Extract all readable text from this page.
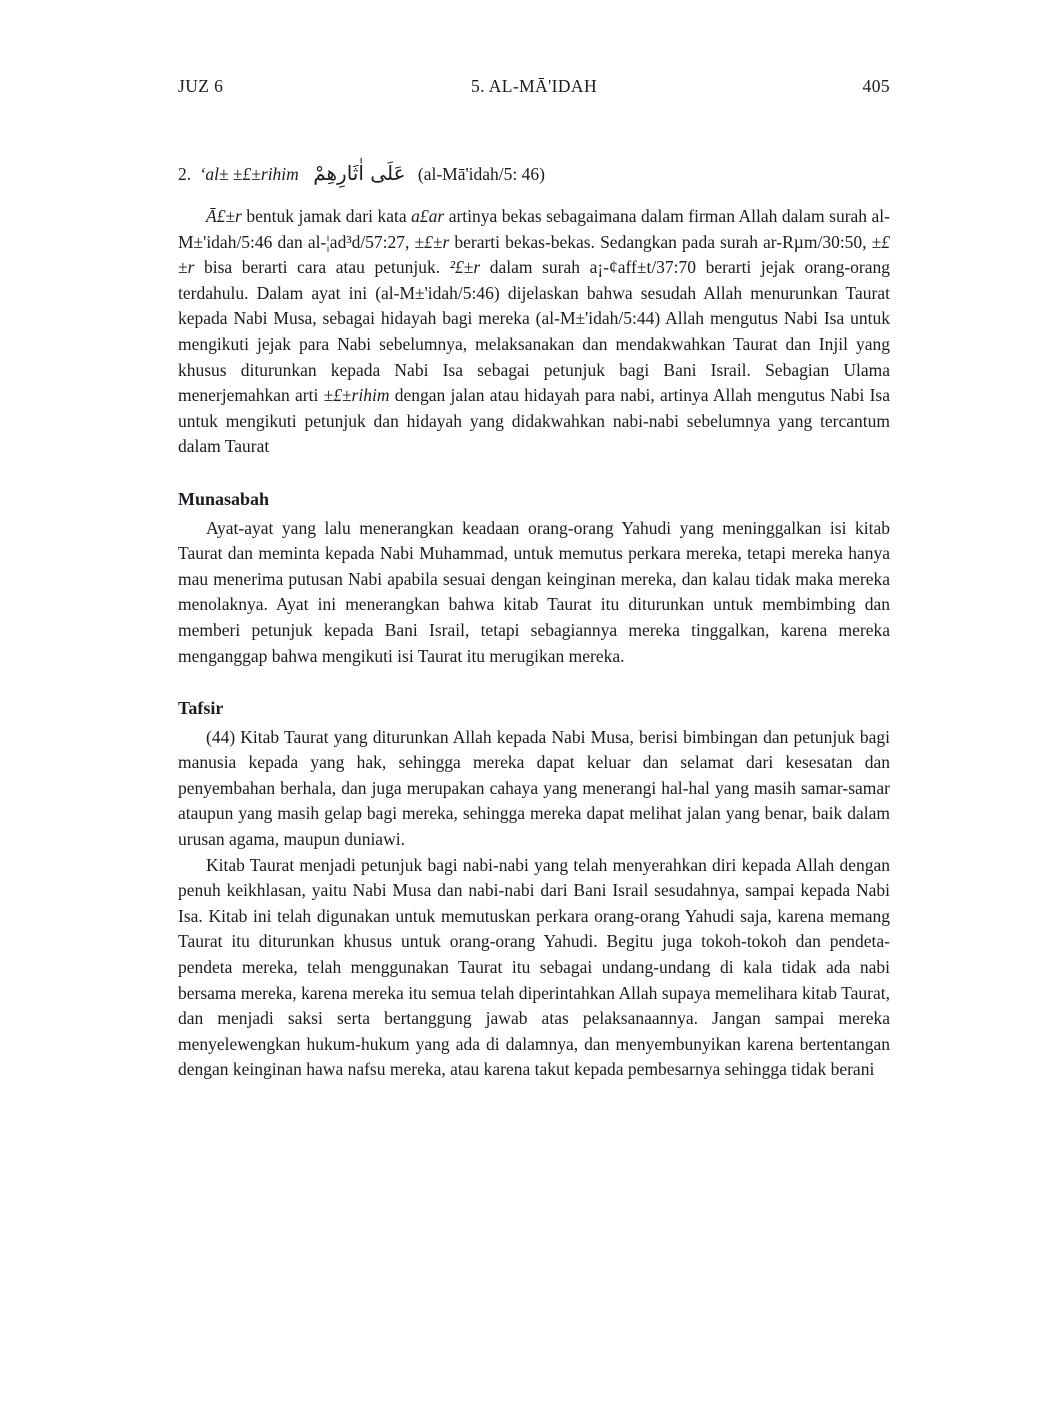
JUZ 6	5. AL-MĀ'IDAH	405

2. ‘al± ±£±rihim عَلَى اٰثَارِهِمْ (al-Mā'idah/5: 46)

Ā£±r bentuk jamak dari kata a£ar artinya bekas sebagaimana dalam firman Allah dalam surah al-M±'idah/5:46 dan al-¦ad³d/57:27, ±£±r berarti bekas-bekas. Sedangkan pada surah ar-Rµm/30:50, ±£±r bisa berarti cara atau petunjuk. ²£±r dalam surah a¡-¢aff±t/37:70 berarti jejak orang-orang terdahulu. Dalam ayat ini (al-M±'idah/5:46) dijelaskan bahwa sesudah Allah menurunkan Taurat kepada Nabi Musa, sebagai hidayah bagi mereka (al-M±'idah/5:44) Allah mengutus Nabi Isa untuk mengikuti jejak para Nabi sebelumnya, melaksanakan dan mendakwahkan Taurat dan Injil yang khusus diturunkan kepada Nabi Isa sebagai petunjuk bagi Bani Israil. Sebagian Ulama menerjemahkan arti ±£±rihim dengan jalan atau hidayah para nabi, artinya Allah mengutus Nabi Isa untuk mengikuti petunjuk dan hidayah yang didakwahkan nabi-nabi sebelumnya yang tercantum dalam Taurat

Munasabah

Ayat-ayat yang lalu menerangkan keadaan orang-orang Yahudi yang meninggalkan isi kitab Taurat dan meminta kepada Nabi Muhammad, untuk memutus perkara mereka, tetapi mereka hanya mau menerima putusan Nabi apabila sesuai dengan keinginan mereka, dan kalau tidak maka mereka menolaknya. Ayat ini menerangkan bahwa kitab Taurat itu diturunkan untuk membimbing dan memberi petunjuk kepada Bani Israil, tetapi sebagiannya mereka tinggalkan, karena mereka menganggap bahwa mengikuti isi Taurat itu merugikan mereka.

Tafsir

(44) Kitab Taurat yang diturunkan Allah kepada Nabi Musa, berisi bimbingan dan petunjuk bagi manusia kepada yang hak, sehingga mereka dapat keluar dan selamat dari kesesatan dan penyembahan berhala, dan juga merupakan cahaya yang menerangi hal-hal yang masih samar-samar ataupun yang masih gelap bagi mereka, sehingga mereka dapat melihat jalan yang benar, baik dalam urusan agama, maupun duniawi.

Kitab Taurat menjadi petunjuk bagi nabi-nabi yang telah menyerahkan diri kepada Allah dengan penuh keikhlasan, yaitu Nabi Musa dan nabi-nabi dari Bani Israil sesudahnya, sampai kepada Nabi Isa. Kitab ini telah digunakan untuk memutuskan perkara orang-orang Yahudi saja, karena memang Taurat itu diturunkan khusus untuk orang-orang Yahudi. Begitu juga tokoh-tokoh dan pendeta-pendeta mereka, telah menggunakan Taurat itu sebagai undang-undang di kala tidak ada nabi bersama mereka, karena mereka itu semua telah diperintahkan Allah supaya memelihara kitab Taurat, dan menjadi saksi serta bertanggung jawab atas pelaksanaannya. Jangan sampai mereka menyelewengkan hukum-hukum yang ada di dalamnya, dan menyembunyikan karena bertentangan dengan keinginan hawa nafsu mereka, atau karena takut kepada pembesarnya sehingga tidak berani
